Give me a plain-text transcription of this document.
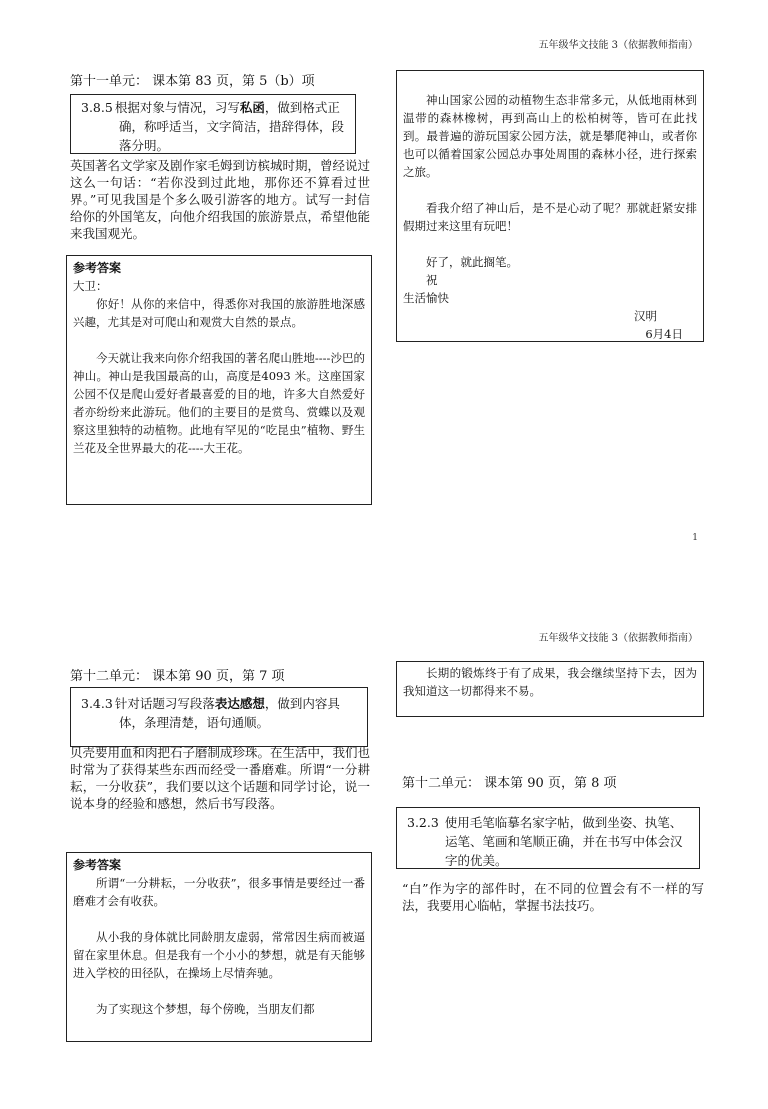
五年级华文技能 3（依据教师指南）
第十一单元： 课本第 83 页，第 5（b）项
3.8.5 根据对象与情况，习写私函，做到格式正确，称呼适当，文字简洁，措辞得体，段落分明。
英国著名文学家及剧作家毛姆到访槟城时期，曾经说过这么一句话：“若你没到过此地，那你还不算看过世界。”可见我国是个多么吸引游客的地方。试写一封信给你的外国笔友，向他介绍我国的旅游景点，希望他能来我国观光。
参考答案

大卫：

你好！从你的来信中，得悉你对我国的旅游胜地深感兴趣，尤其是对可爬山和观赏大自然的景点。

今天就让我来向你介绍我国的著名爬山胜地----沙巴的神山。神山是我国最高的山，高度是4093 米。这座国家公园不仅是爬山爱好者最喜爱的目的地，许多大自然爱好者亦纷纷来此游玩。他们的主要目的是赏鸟、赏蝶以及观察这里独特的动植物。此地有罕见的“吃昆虫”植物、野生兰花及全世界最大的花----大王花。

神山国家公园的动植物生态非常多元，从低地雨林到温带的森林橡树，再到高山上的松柏树等，皆可在此找到。最普遍的游玩国家公园方法，就是攀爬神山，或者你也可以循着国家公园总办事处周围的森林小径，进行探索之旅。

看我介绍了神山后，是不是心动了呢？那就赶紧安排假期过来这里有玩吧！

好了，就此搁笔。

祝

生活愉快

汉明

6月4日

1
五年级华文技能 3（依据教师指南）
第十二单元： 课本第 90 页，第 7 项
3.4.3 针对话题习写段落表达感想，做到内容具体，条理清楚，语句通顺。
贝壳要用血和肉把石子磨制成珍珠。在生活中，我们也时常为了获得某些东西而经受一番磨难。所谓“一分耕耘，一分收获”，我们要以这个话题和同学讨论，说一说本身的经验和感想，然后书写段落。
参考答案

所谓“一分耕耘，一分收获”，很多事情是要经过一番磨难才会有收获。

从小我的身体就比同龄朋友虚弱，常常因生病而被逼留在家里休息。但是我有一个小小的梦想，就是有天能够进入学校的田径队，在操场上尽情奔驰。

为了实现这个梦想，每个傍晚，当朋友们都

长期的锻炼终于有了成果，我会继续坚持下去，因为我知道这一切都得来不易。

第十二单元： 课本第 90 页，第 8 项
3.2.3 使用毛笔临摹名家字帖，做到坐姿、执笔、运笔、笔画和笔顺正确，并在书写中体会汉字的优美。
“白”作为字的部件时，在不同的位置会有不一样的写法，我要用心临帖，掌握书法技巧。
